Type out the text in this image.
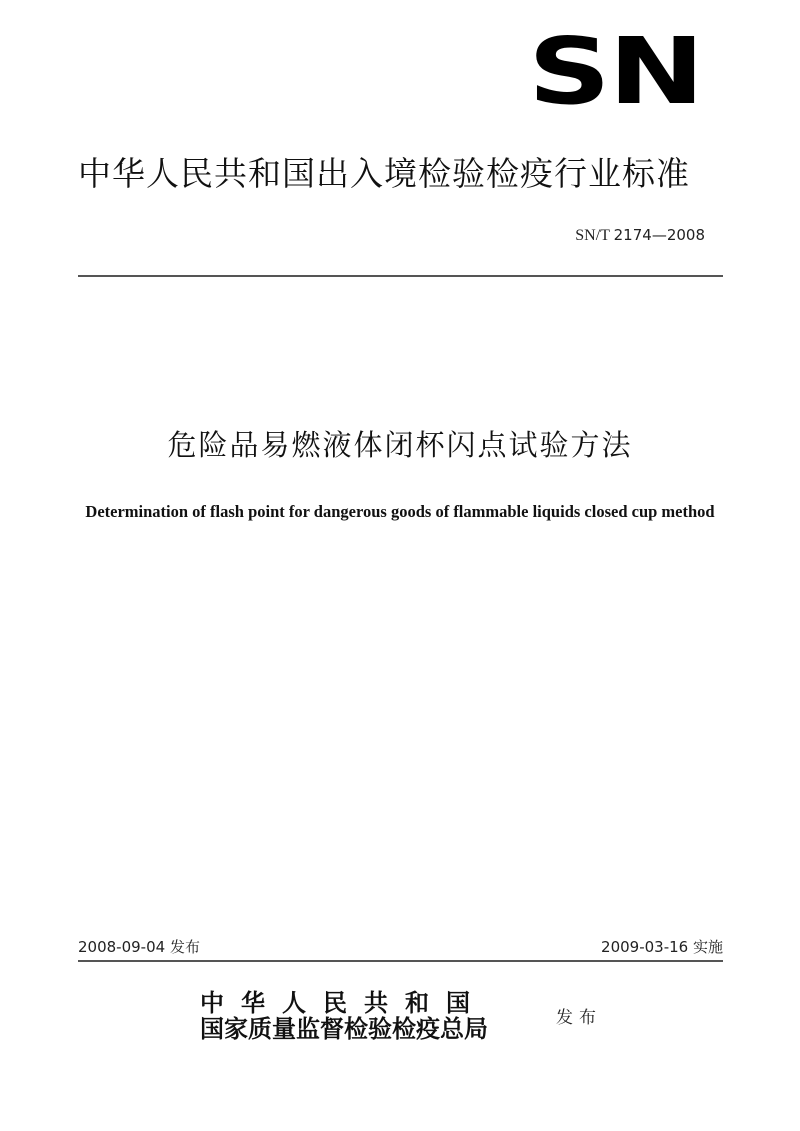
SN
中华人民共和国出入境检验检疫行业标准
SN/T 2174—2008
危险品易燃液体闭杯闪点试验方法
Determination of flash point for dangerous goods of flammable liquids closed cup method
2008-09-04 发布	2009-03-16 实施
中华人民共和国
国家质量监督检验检疫总局	发布
